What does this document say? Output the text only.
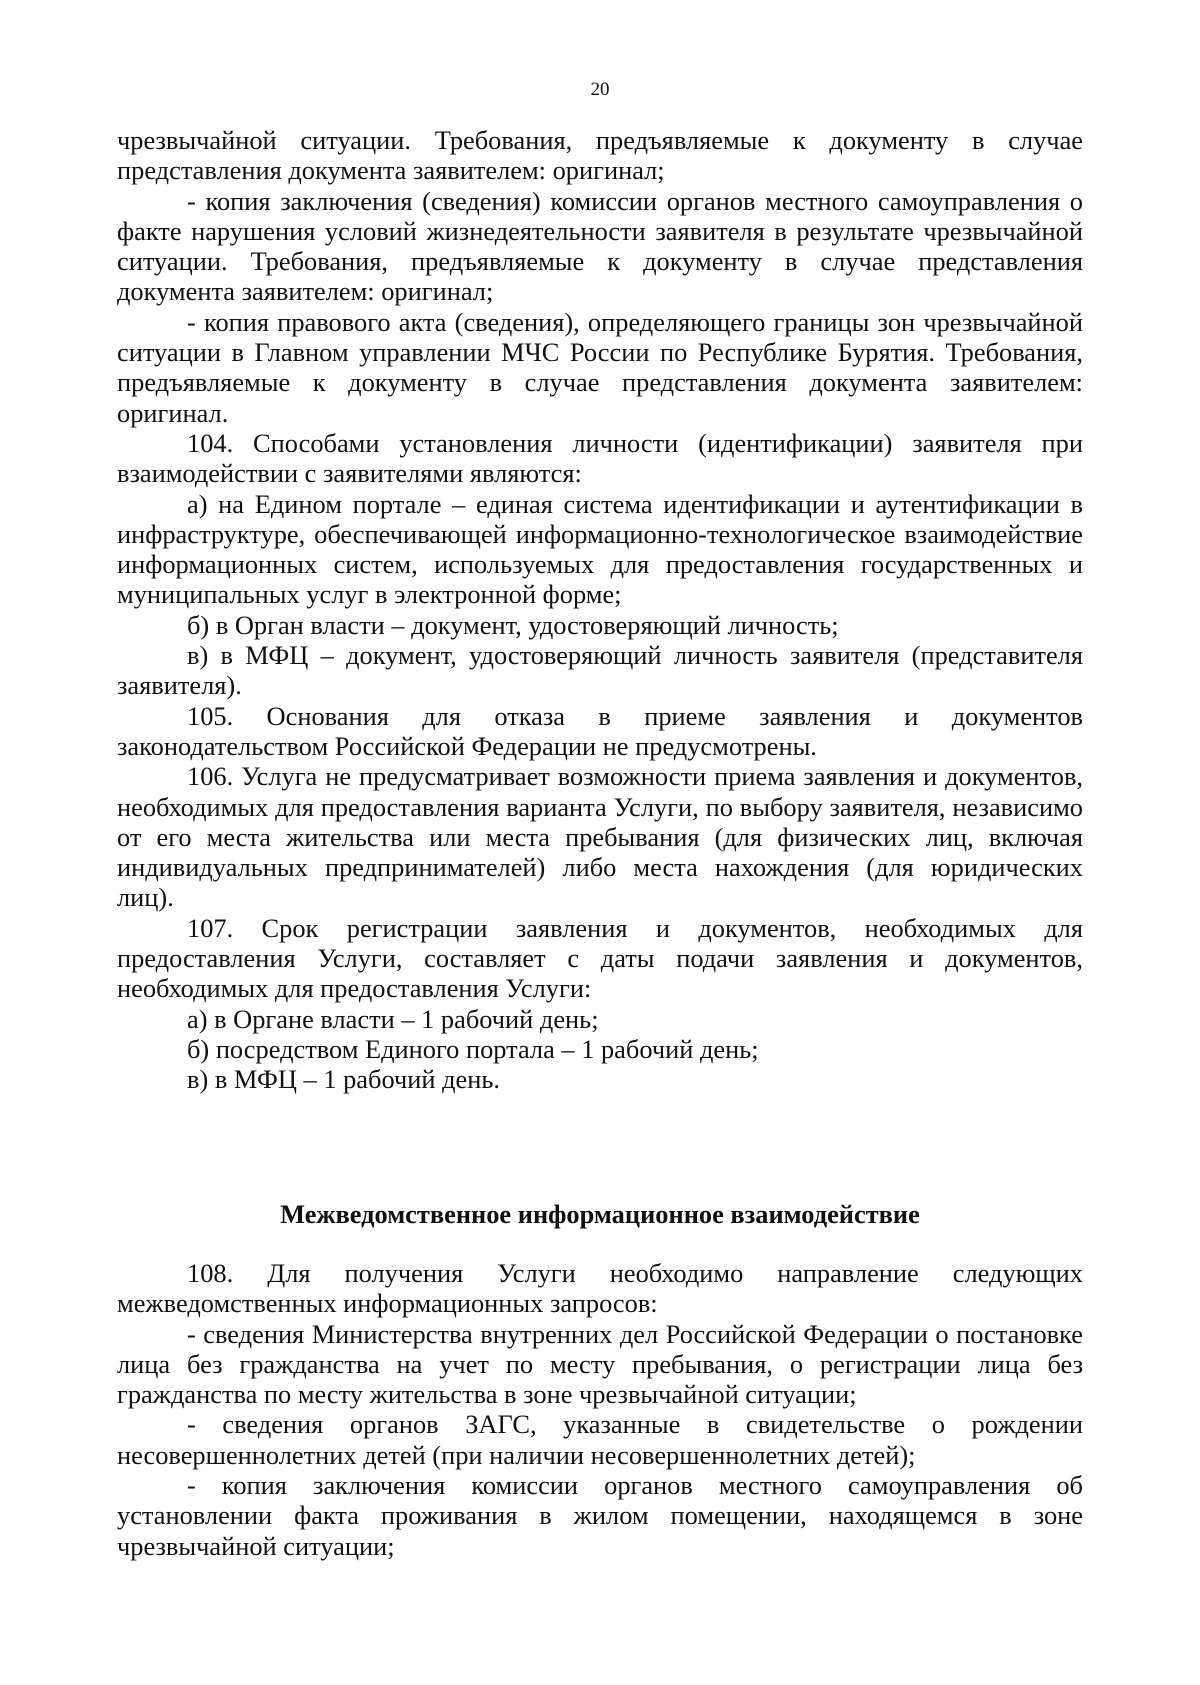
20

чрезвычайной ситуации. Требования, предъявляемые к документу в случае представления документа заявителем: оригинал;

- копия заключения (сведения) комиссии органов местного самоуправления о факте нарушения условий жизнедеятельности заявителя в результате чрезвычайной ситуации. Требования, предъявляемые к документу в случае представления документа заявителем: оригинал;

- копия правового акта (сведения), определяющего границы зон чрезвычайной ситуации в Главном управлении МЧС России по Республике Бурятия. Требования, предъявляемые к документу в случае представления документа заявителем: оригинал.

104. Способами установления личности (идентификации) заявителя при взаимодействии с заявителями являются:

а) на Едином портале – единая система идентификации и аутентификации в инфраструктуре, обеспечивающей информационно-технологическое взаимодействие информационных систем, используемых для предоставления государственных и муниципальных услуг в электронной форме;

б) в Орган власти – документ, удостоверяющий личность;

в) в МФЦ – документ, удостоверяющий личность заявителя (представителя заявителя).

105. Основания для отказа в приеме заявления и документов законодательством Российской Федерации не предусмотрены.

106. Услуга не предусматривает возможности приема заявления и документов, необходимых для предоставления варианта Услуги, по выбору заявителя, независимо от его места жительства или места пребывания (для физических лиц, включая индивидуальных предпринимателей) либо места нахождения (для юридических лиц).

107. Срок регистрации заявления и документов, необходимых для предоставления Услуги, составляет с даты подачи заявления и документов, необходимых для предоставления Услуги:

а) в Органе власти – 1 рабочий день;

б) посредством Единого портала – 1 рабочий день;

в) в МФЦ – 1 рабочий день.

Межведомственное информационное взаимодействие

108. Для получения Услуги необходимо направление следующих межведомственных информационных запросов:

- сведения Министерства внутренних дел Российской Федерации о постановке лица без гражданства на учет по месту пребывания, о регистрации лица без гражданства по месту жительства в зоне чрезвычайной ситуации;

- сведения органов ЗАГС, указанные в свидетельстве о рождении несовершеннолетних детей (при наличии несовершеннолетних детей);

- копия заключения комиссии органов местного самоуправления об установлении факта проживания в жилом помещении, находящемся в зоне чрезвычайной ситуации;
